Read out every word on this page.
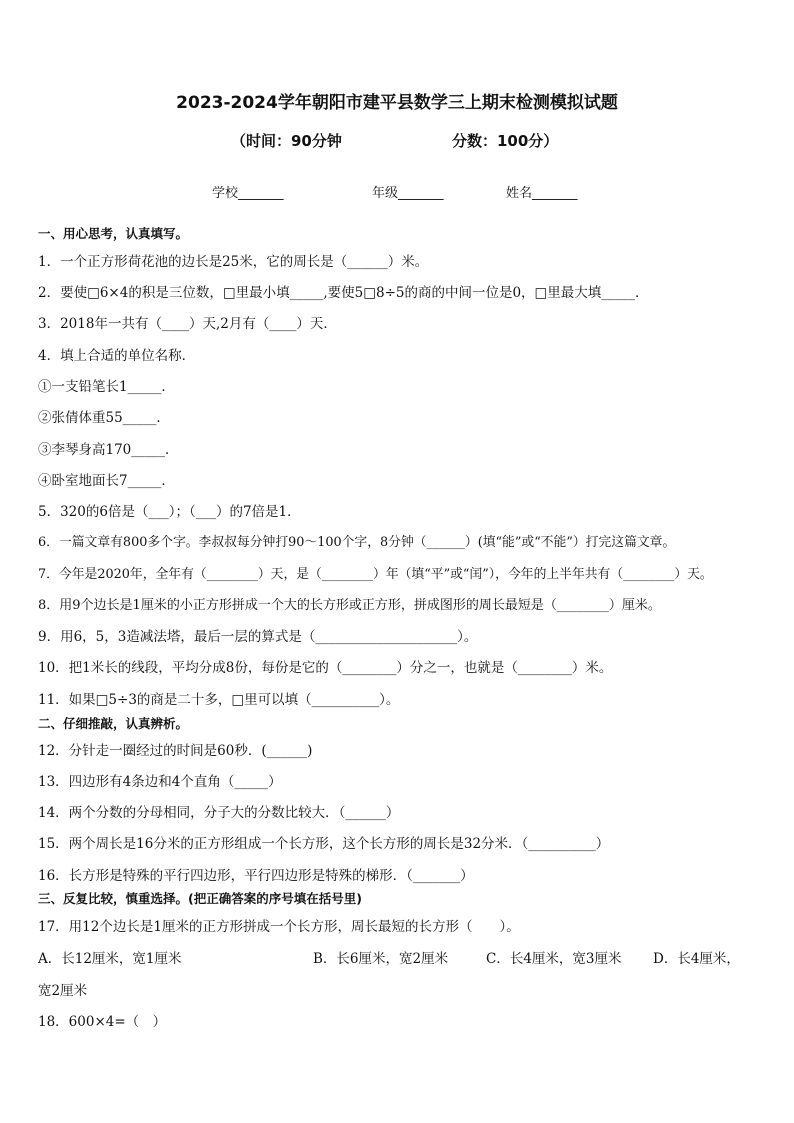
2023-2024学年朝阳市建平县数学三上期末检测模拟试题
（时间：90分钟	分数：100分）
学校_______	年级_______	姓名_______
一、用心思考，认真填写。
1．一个正方形荷花池的边长是25米，它的周长是（______）米。
2．要使□6×4的积是三位数，□里最小填_____,要使5□8÷5的商的中间一位是0，□里最大填_____．
3．2018年一共有（____）天,2月有（____）天．
4．填上合适的单位名称．
①一支铅笔长1_____．
②张倩体重55_____．
③李琴身高170_____．
④卧室地面长7_____．
5．320的6倍是（___）；（___）的7倍是1．
6．一篇文章有800多个字。李叔叔每分钟打90～100个字，8分钟（______）(填“能”或“不能”）打完这篇文章。
7．今年是2020年，全年有（________）天，是（________）年（填“平”或“闰”），今年的上半年共有（________）天。
8．用9个边长是1厘米的小正方形拼成一个大的长方形或正方形，拼成图形的周长最短是（________）厘米。
9．用6，5，3造减法塔，最后一层的算式是（_____________________）。
10．把1米长的线段，平均分成8份，每份是它的（________）分之一，也就是（________）米。
11．如果□5÷3的商是二十多，□里可以填（__________）。
二、仔细推敲，认真辨析。
12．分针走一圈经过的时间是60秒．(______)
13．四边形有4条边和4个直角（_____）
14．两个分数的分母相同，分子大的分数比较大．（______）
15．两个周长是16分米的正方形组成一个长方形，这个长方形的周长是32分米．（__________）
16．长方形是特殊的平行四边形，平行四边形是特殊的梯形．（_______）
三、反复比较，慎重选择。(把正确答案的序号填在括号里)
17．用12个边长是1厘米的正方形拼成一个长方形，周长最短的长方形（　　）。
A．长12厘米，宽1厘米	B．长6厘米，宽2厘米	C．长4厘米，宽3厘米 D．长4厘米，
宽2厘米
18．600×4=（　）
